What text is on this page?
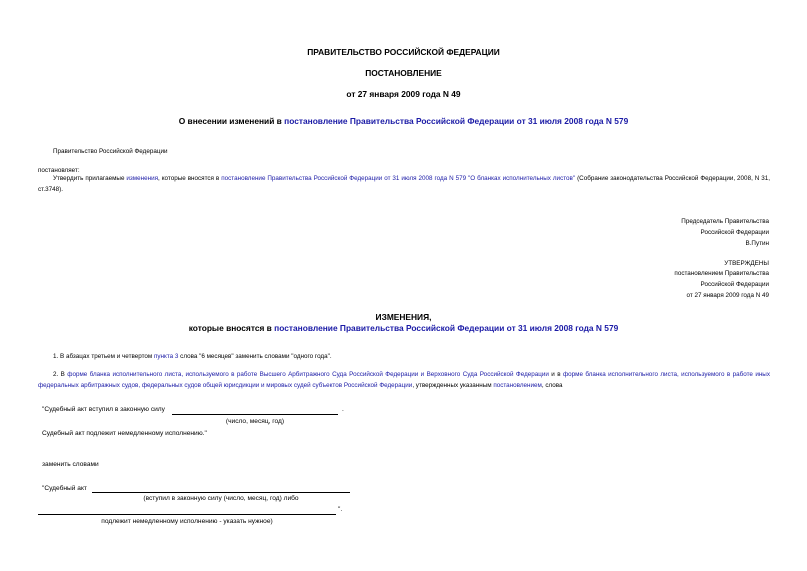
ПРАВИТЕЛЬСТВО РОССИЙСКОЙ ФЕДЕРАЦИИ
ПОСТАНОВЛЕНИЕ
от 27 января 2009 года N 49
О внесении изменений в постановление Правительства Российской Федерации от 31 июля 2008 года N 579
Правительство Российской Федерации
постановляет:
Утвердить прилагаемые изменения, которые вносятся в постановление Правительства Российской Федерации от 31 июля 2008 года N 579 "О бланках исполнительных листов" (Собрание законодательства Российской Федерации, 2008, N 31, ст.3748).
Председатель Правительства
Российской Федерации
В.Путин
УТВЕРЖДЕНЫ
постановлением Правительства
Российской Федерации
от 27 января 2009 года N 49
ИЗМЕНЕНИЯ,
которые вносятся в постановление Правительства Российской Федерации от 31 июля 2008 года N 579
1. В абзацах третьем и четвертом пункта 3 слова "6 месяцев" заменить словами "одного года".
2. В форме бланка исполнительного листа, используемого в работе Высшего Арбитражного Суда Российской Федерации и Верховного Суда Российской Федерации и в форме бланка исполнительного листа, используемого в работе иных федеральных арбитражных судов, федеральных судов общей юрисдикции и мировых судей субъектов Российской Федерации, утвержденных указанным постановлением, слова
"Судебный акт вступил в законную силу	.
(число, месяц, год)
Судебный акт подлежит немедленному исполнению."
заменить словами
"Судебный акт
(вступил в законную силу (число, месяц, год) либо
".
подлежит немедленному исполнению - указать нужное)
